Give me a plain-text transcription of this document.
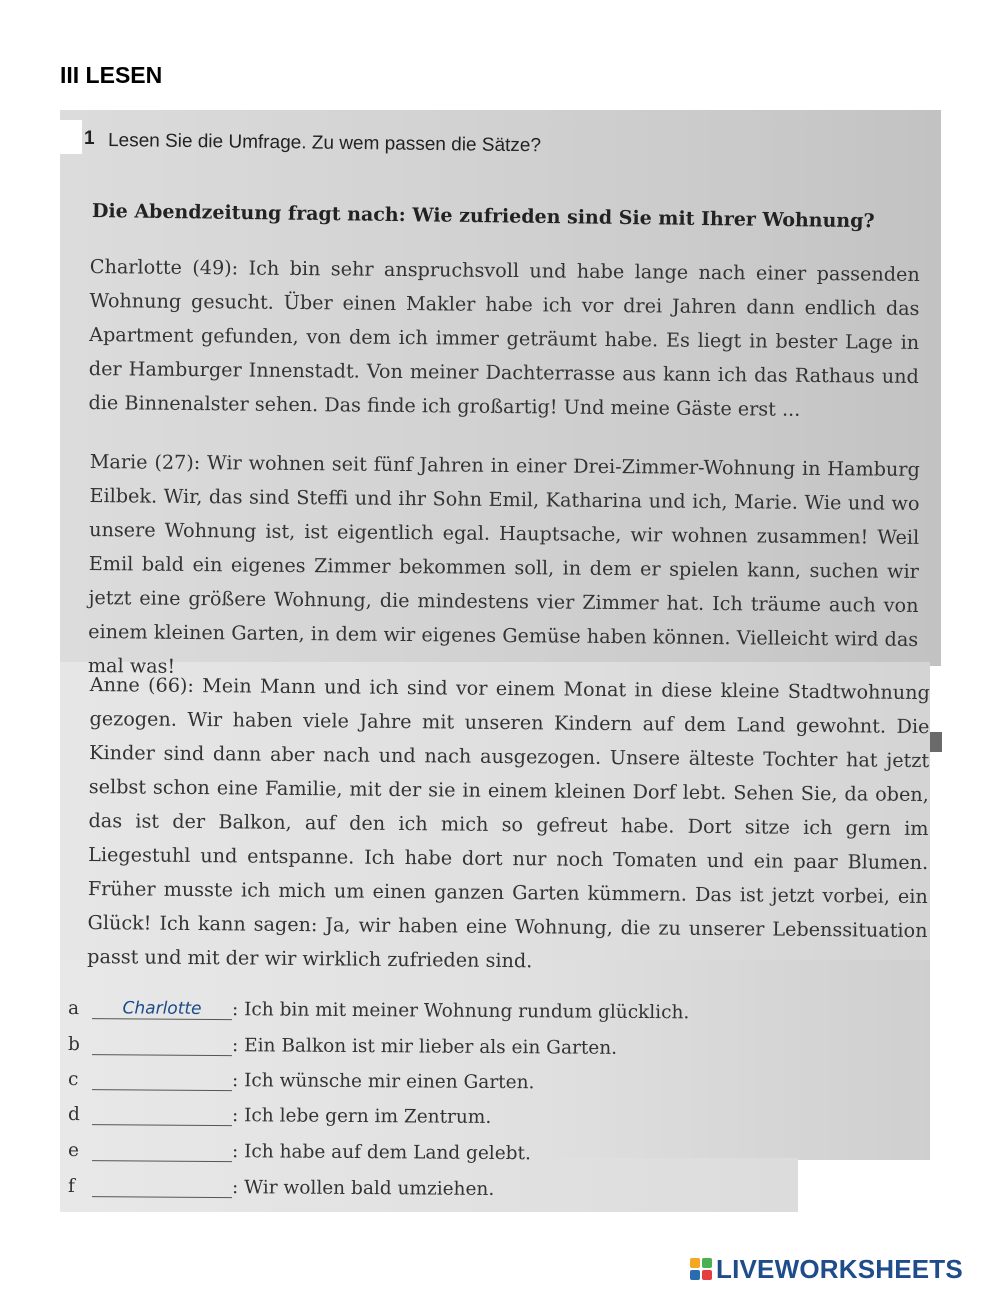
III LESEN
1 Lesen Sie die Umfrage. Zu wem passen die Sätze?
Die Abendzeitung fragt nach: Wie zufrieden sind Sie mit Ihrer Wohnung?
Charlotte (49): Ich bin sehr anspruchsvoll und habe lange nach einer passenden Wohnung gesucht. Über einen Makler habe ich vor drei Jahren dann endlich das Apartment gefunden, von dem ich immer geträumt habe. Es liegt in bester Lage in der Hamburger Innenstadt. Von meiner Dachterrasse aus kann ich das Rathaus und die Binnenalster sehen. Das finde ich großartig! Und meine Gäste erst ...
Marie (27): Wir wohnen seit fünf Jahren in einer Drei-Zimmer-Wohnung in Hamburg Eilbek. Wir, das sind Steffi und ihr Sohn Emil, Katharina und ich, Marie. Wie und wo unsere Wohnung ist, ist eigentlich egal. Hauptsache, wir wohnen zusammen! Weil Emil bald ein eigenes Zimmer bekommen soll, in dem er spielen kann, suchen wir jetzt eine größere Wohnung, die mindestens vier Zimmer hat. Ich träume auch von einem kleinen Garten, in dem wir eigenes Gemüse haben können. Vielleicht wird das mal was!
Anne (66): Mein Mann und ich sind vor einem Monat in diese kleine Stadtwohnung gezogen. Wir haben viele Jahre mit unseren Kindern auf dem Land gewohnt. Die Kinder sind dann aber nach und nach ausgezogen. Unsere älteste Tochter hat jetzt selbst schon eine Familie, mit der sie in einem kleinen Dorf lebt. Sehen Sie, da oben, das ist der Balkon, auf den ich mich so gefreut habe. Dort sitze ich gern im Liegestuhl und entspanne. Ich habe dort nur noch Tomaten und ein paar Blumen. Früher musste ich mich um einen ganzen Garten kümmern. Das ist jetzt vorbei, ein Glück! Ich kann sagen: Ja, wir haben eine Wohnung, die zu unserer Lebenssituation passt und mit der wir wirklich zufrieden sind.
a	Charlotte : Ich bin mit meiner Wohnung rundum glücklich.
b	: Ein Balkon ist mir lieber als ein Garten.
c	: Ich wünsche mir einen Garten.
d	: Ich lebe gern im Zentrum.
e	: Ich habe auf dem Land gelebt.
f	: Wir wollen bald umziehen.
LIVEWORKSHEETS
